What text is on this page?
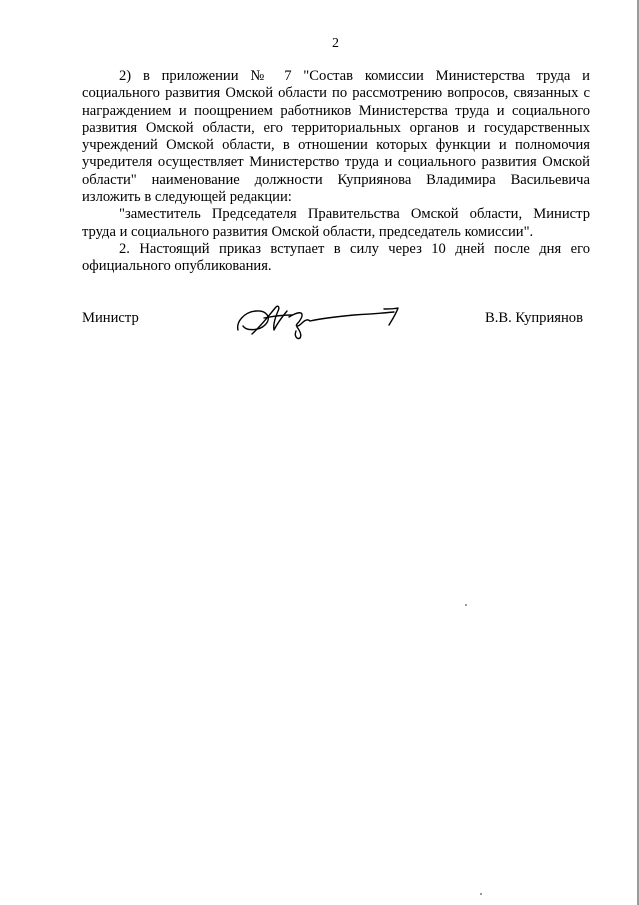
2

2) в приложении № 7 "Состав комиссии Министерства труда и социального развития Омской области по рассмотрению вопросов, связанных с награждением и поощрением работников Министерства труда и социального развития Омской области, его территориальных органов и государственных учреждений Омской области, в отношении которых функции и полномочия учредителя осуществляет Министерство труда и социального развития Омской области" наименование должности Куприянова Владимира Васильевича изложить в следующей редакции:

"заместитель Председателя Правительства Омской области, Министр труда и социального развития Омской области, председатель комиссии".

2. Настоящий приказ вступает в силу через 10 дней после дня его официального опубликования.

Министр	В.В. Куприянов
